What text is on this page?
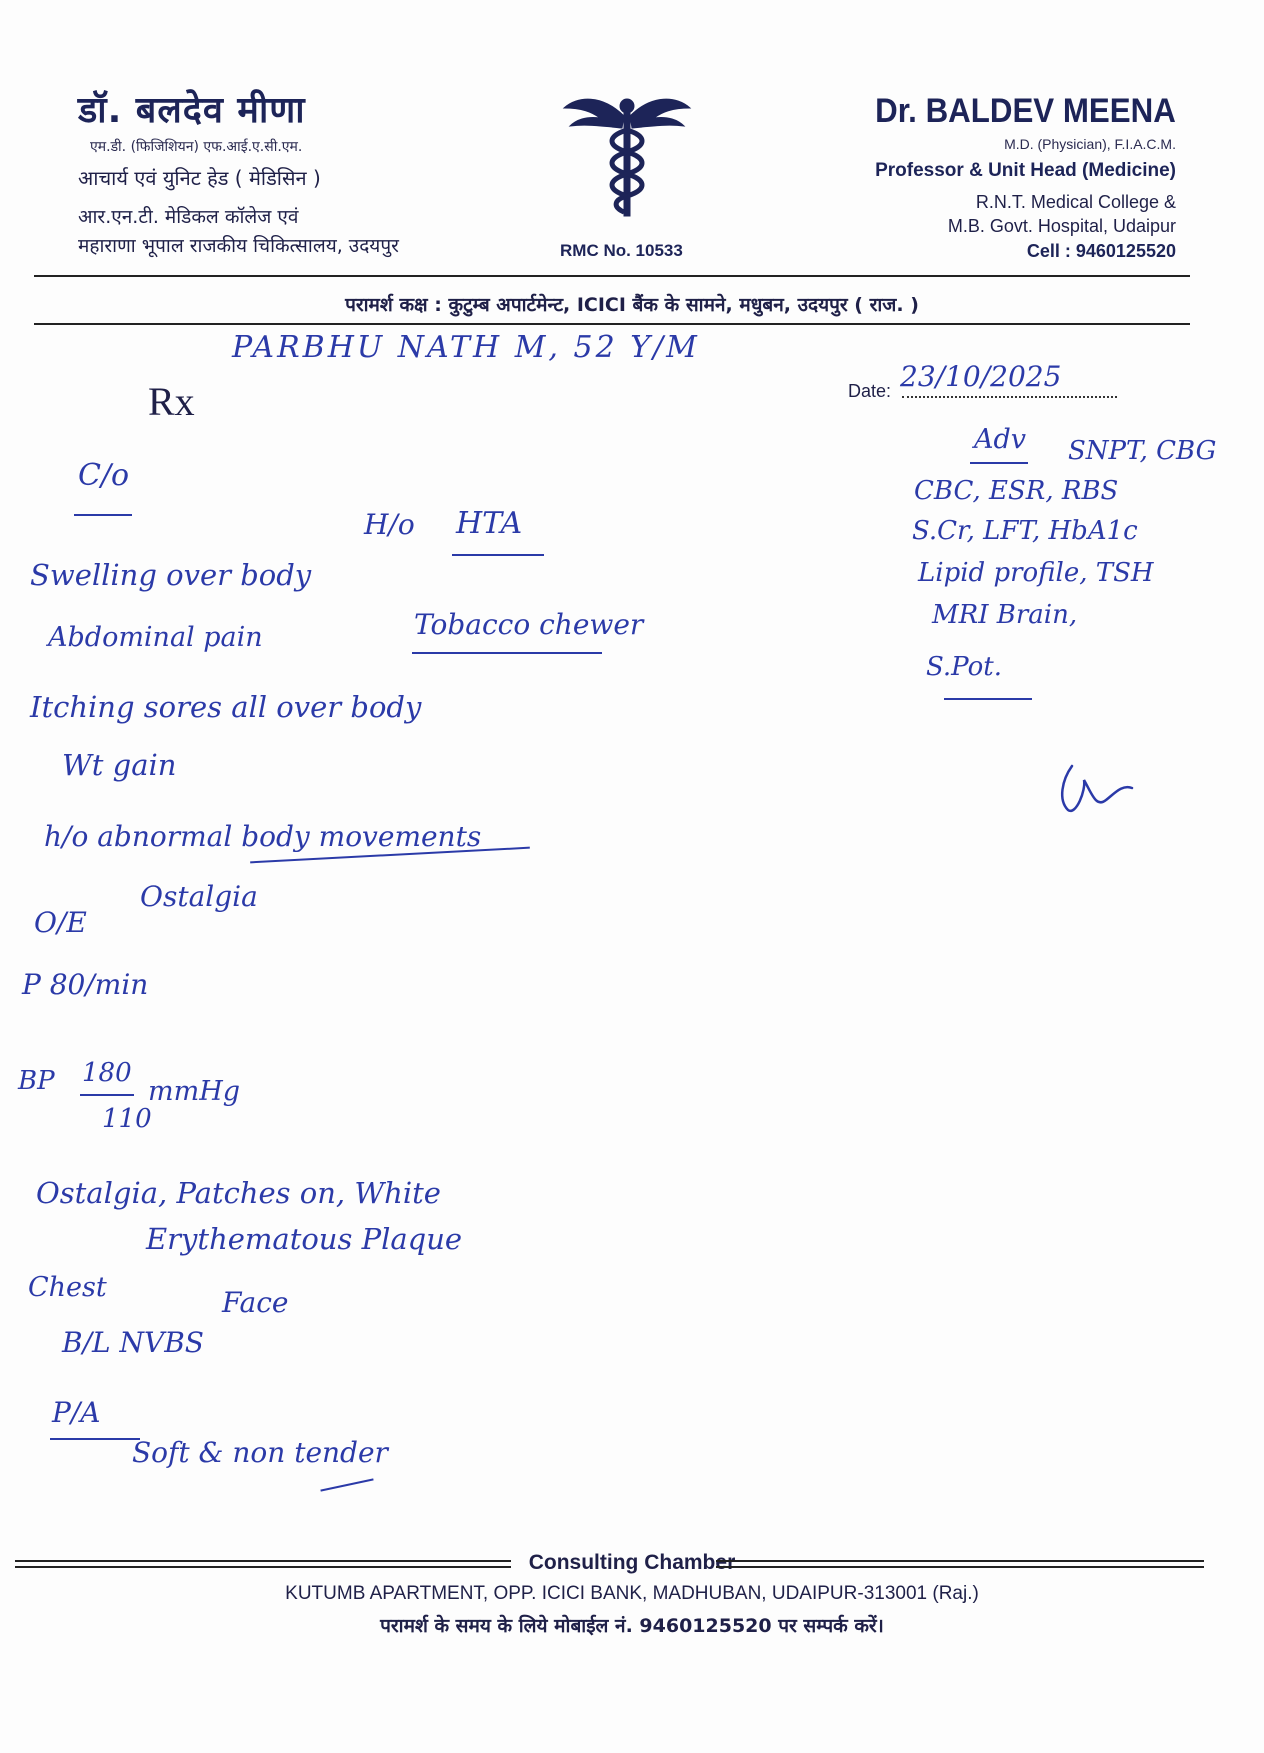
डॉ. बलदेव मीणा
एम.डी. (फिजिशियन) एफ.आई.ए.सी.एम.
आचार्य एवं युनिट हेड ( मेडिसिन )
आर.एन.टी. मेडिकल कॉलेज एवं
महाराणा भूपाल राजकीय चिकित्सालय, उदयपुर	RMC No. 10533
Dr. BALDEV MEENA
M.D. (Physician), F.I.A.C.M.
Professor & Unit Head (Medicine)
R.N.T. Medical College &
M.B. Govt. Hospital, Udaipur
Cell : 9460125520
परामर्श कक्ष : कुटुम्ब अपार्टमेन्ट, ICICI बैंक के सामने, मधुबन, उदयपुर ( राज. )
Rx	Date:
PARBHU NATH M, 52 Y/M
23/10/2025
C/o
Swelling over body
Abdominal pain
Itching sores all over body
Wt gain
H/o HTA
Tobacco chewer
h/o abnormal body movements
Ostalgia
O/E
P 80/min
BP 180
110
mmHg
Ostalgia, Patches on, White
Erythematous Plaque
Chest	Face
B/L NVBS
P/A
Soft & non tender
Adv SNPT, CBG
CBC, ESR, RBS
S.Cr, LFT, HbA1c
Lipid profile, TSH
MRI Brain,
S.Pot.
Consulting Chamber
KUTUMB APARTMENT, OPP. ICICI BANK, MADHUBAN, UDAIPUR-313001 (Raj.)
परामर्श के समय के लिये मोबाईल नं. 9460125520 पर सम्पर्क करें।
